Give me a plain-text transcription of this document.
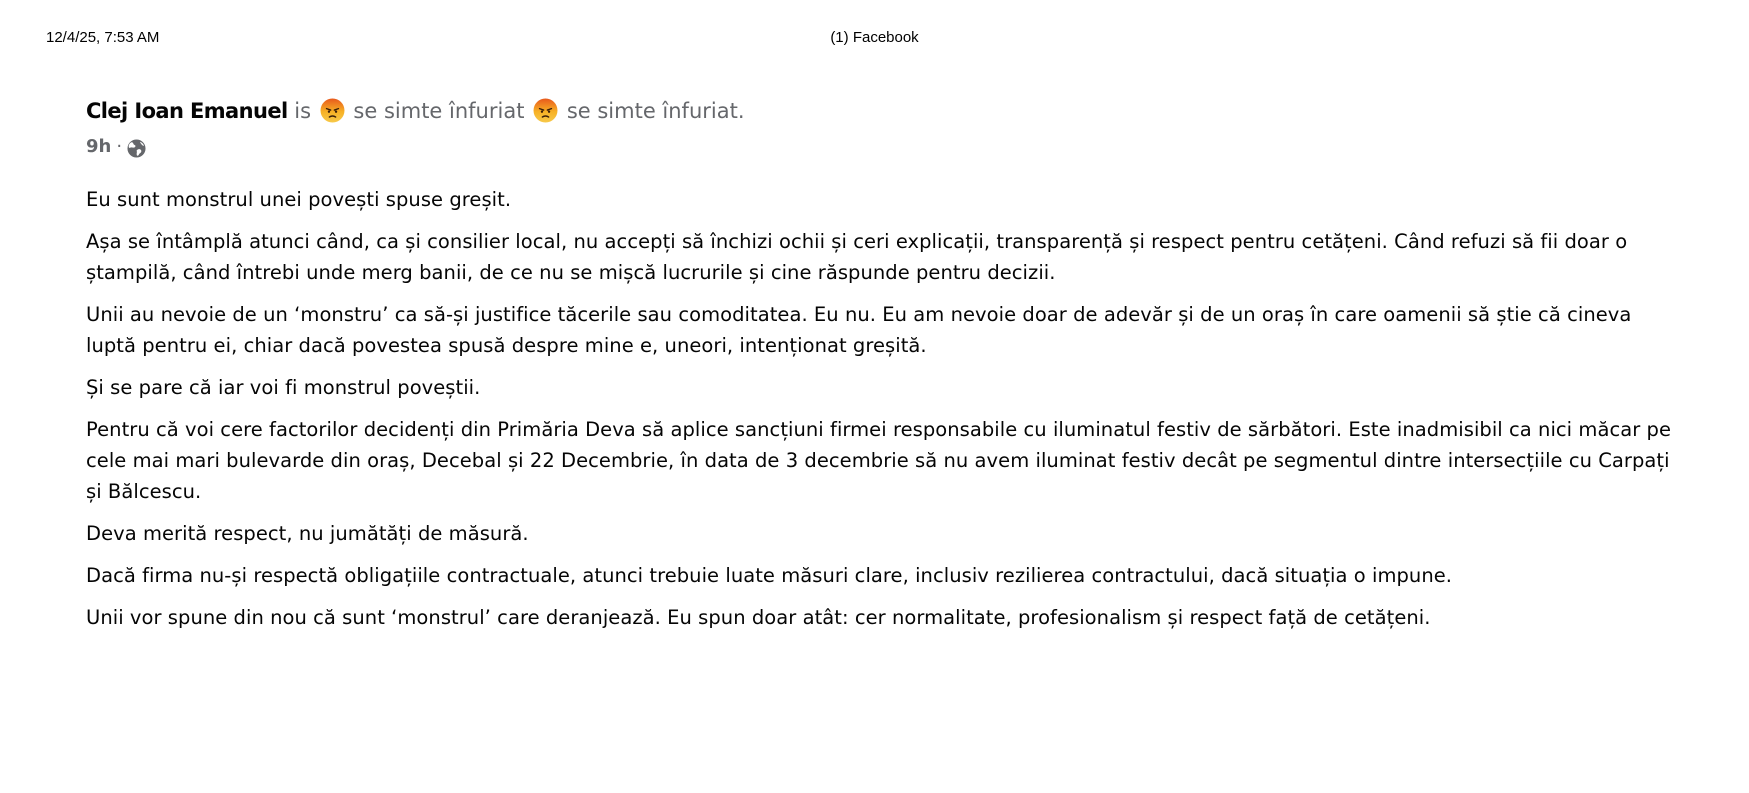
12/4/25, 7:53 AM	(1) Facebook
Clej Ioan Emanuel is se simte înfuriat se simte înfuriat.
9h ·

Eu sunt monstrul unei povești spuse greșit.

Așa se întâmplă atunci când, ca și consilier local, nu accepți să închizi ochii și ceri explicații, transparență și respect pentru cetățeni. Când refuzi să fii doar o ștampilă, când întrebi unde merg banii, de ce nu se mișcă lucrurile și cine răspunde pentru decizii.

Unii au nevoie de un ‘monstru’ ca să-și justifice tăcerile sau comoditatea. Eu nu. Eu am nevoie doar de adevăr și de un oraș în care oamenii să știe că cineva luptă pentru ei, chiar dacă povestea spusă despre mine e, uneori, intenționat greșită.

Și se pare că iar voi fi monstrul poveștii.

Pentru că voi cere factorilor decidenți din Primăria Deva să aplice sancțiuni firmei responsabile cu iluminatul festiv de sărbători. Este inadmisibil ca nici măcar pe cele mai mari bulevarde din oraș, Decebal și 22 Decembrie, în data de 3 decembrie să nu avem iluminat festiv decât pe segmentul dintre intersecțiile cu Carpați și Bălcescu.

Deva merită respect, nu jumătăți de măsură.

Dacă firma nu-și respectă obligațiile contractuale, atunci trebuie luate măsuri clare, inclusiv rezilierea contractului, dacă situația o impune.

Unii vor spune din nou că sunt ‘monstrul’ care deranjează. Eu spun doar atât: cer normalitate, profesionalism și respect față de cetățeni.
